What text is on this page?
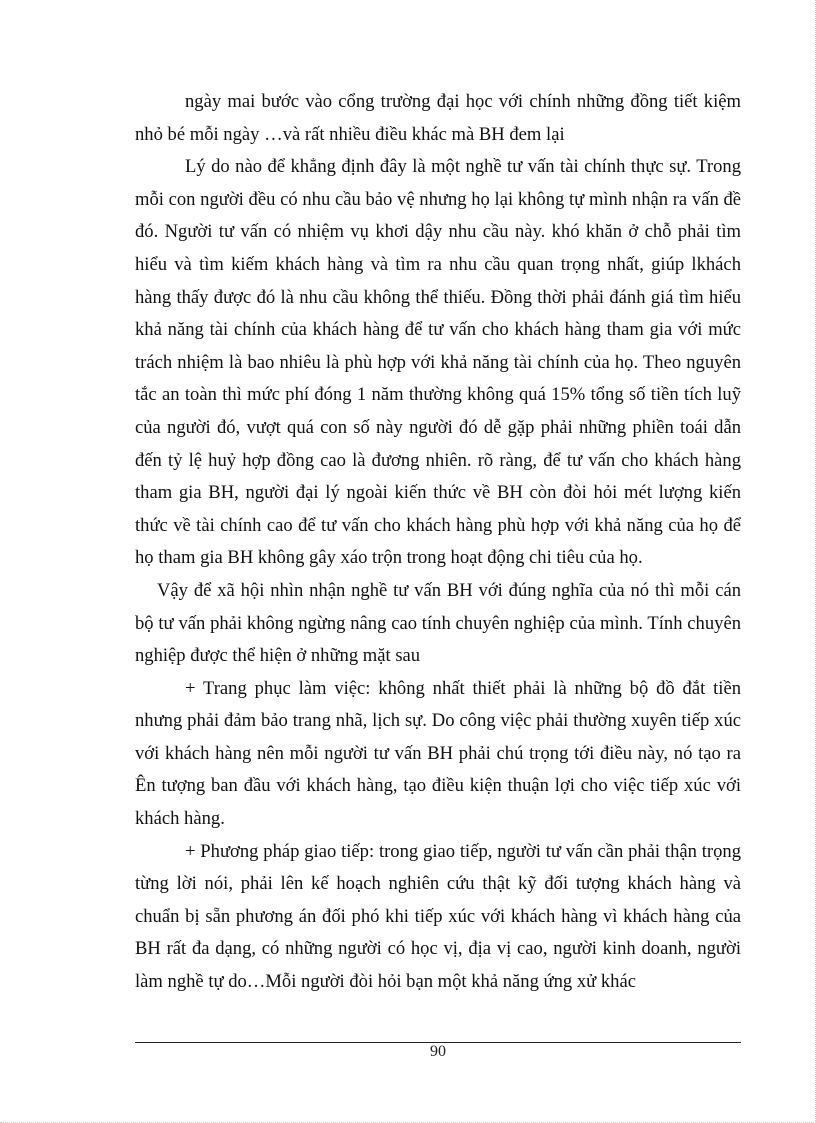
ngày mai bước vào cổng trường đại học với chính những đồng tiết kiệm nhỏ bé mỗi ngày …và rất nhiều điều khác mà BH đem lại

Lý do nào để khẳng định đây là một nghề tư vấn tài chính thực sự. Trong mỗi con người đều có nhu cầu bảo vệ nhưng họ lại không tự mình nhận ra vấn đề đó. Người tư vấn có nhiệm vụ khơi dậy nhu cầu này. khó khăn ở chỗ phải tìm hiểu và tìm kiếm khách hàng và tìm ra nhu cầu quan trọng nhất, giúp lkhách hàng thấy được đó là nhu cầu không thể thiếu. Đồng thời phải đánh giá tìm hiểu khả năng tài chính của khách hàng để tư vấn cho khách hàng tham gia với mức trách nhiệm là bao nhiêu là phù hợp với khả năng tài chính của họ. Theo nguyên tắc an toàn thì mức phí đóng 1 năm thường không quá 15% tổng số tiền tích luỹ của người đó, vượt quá con số này người đó dễ gặp phải những phiền toái dẫn đến tỷ lệ huỷ hợp đồng cao là đương nhiên. rõ ràng, để tư vấn cho khách hàng tham gia BH, người đại lý ngoài kiến thức về BH còn đòi hỏi mét lượng kiến thức về tài chính cao để tư vấn cho khách hàng phù hợp với khả năng của họ để họ tham gia BH không gây xáo trộn trong hoạt động chi tiêu của họ.

Vậy để xã hội nhìn nhận nghề tư vấn BH với đúng nghĩa của nó thì mỗi cán bộ tư vấn phải không ngừng nâng cao tính chuyên nghiệp của mình. Tính chuyên nghiệp được thể hiện ở những mặt sau

+ Trang phục làm việc: không nhất thiết phải là những bộ đồ đắt tiền nhưng phải đảm bảo trang nhã, lịch sự. Do công việc phải thường xuyên tiếp xúc với khách hàng nên mỗi người tư vấn BH phải chú trọng tới điều này, nó tạo ra Ên tượng ban đầu với khách hàng, tạo điều kiện thuận lợi cho việc tiếp xúc với khách hàng.

+ Phương pháp giao tiếp: trong giao tiếp, người tư vấn cần phải thận trọng từng lời nói, phải lên kế hoạch nghiên cứu thật kỹ đối tượng khách hàng và chuẩn bị sẵn phương án đối phó khi tiếp xúc với khách hàng vì khách hàng của BH rất đa dạng, có những người có học vị, địa vị cao, người kinh doanh, người làm nghề tự do…Mỗi người đòi hỏi bạn một khả năng ứng xử khác

90
